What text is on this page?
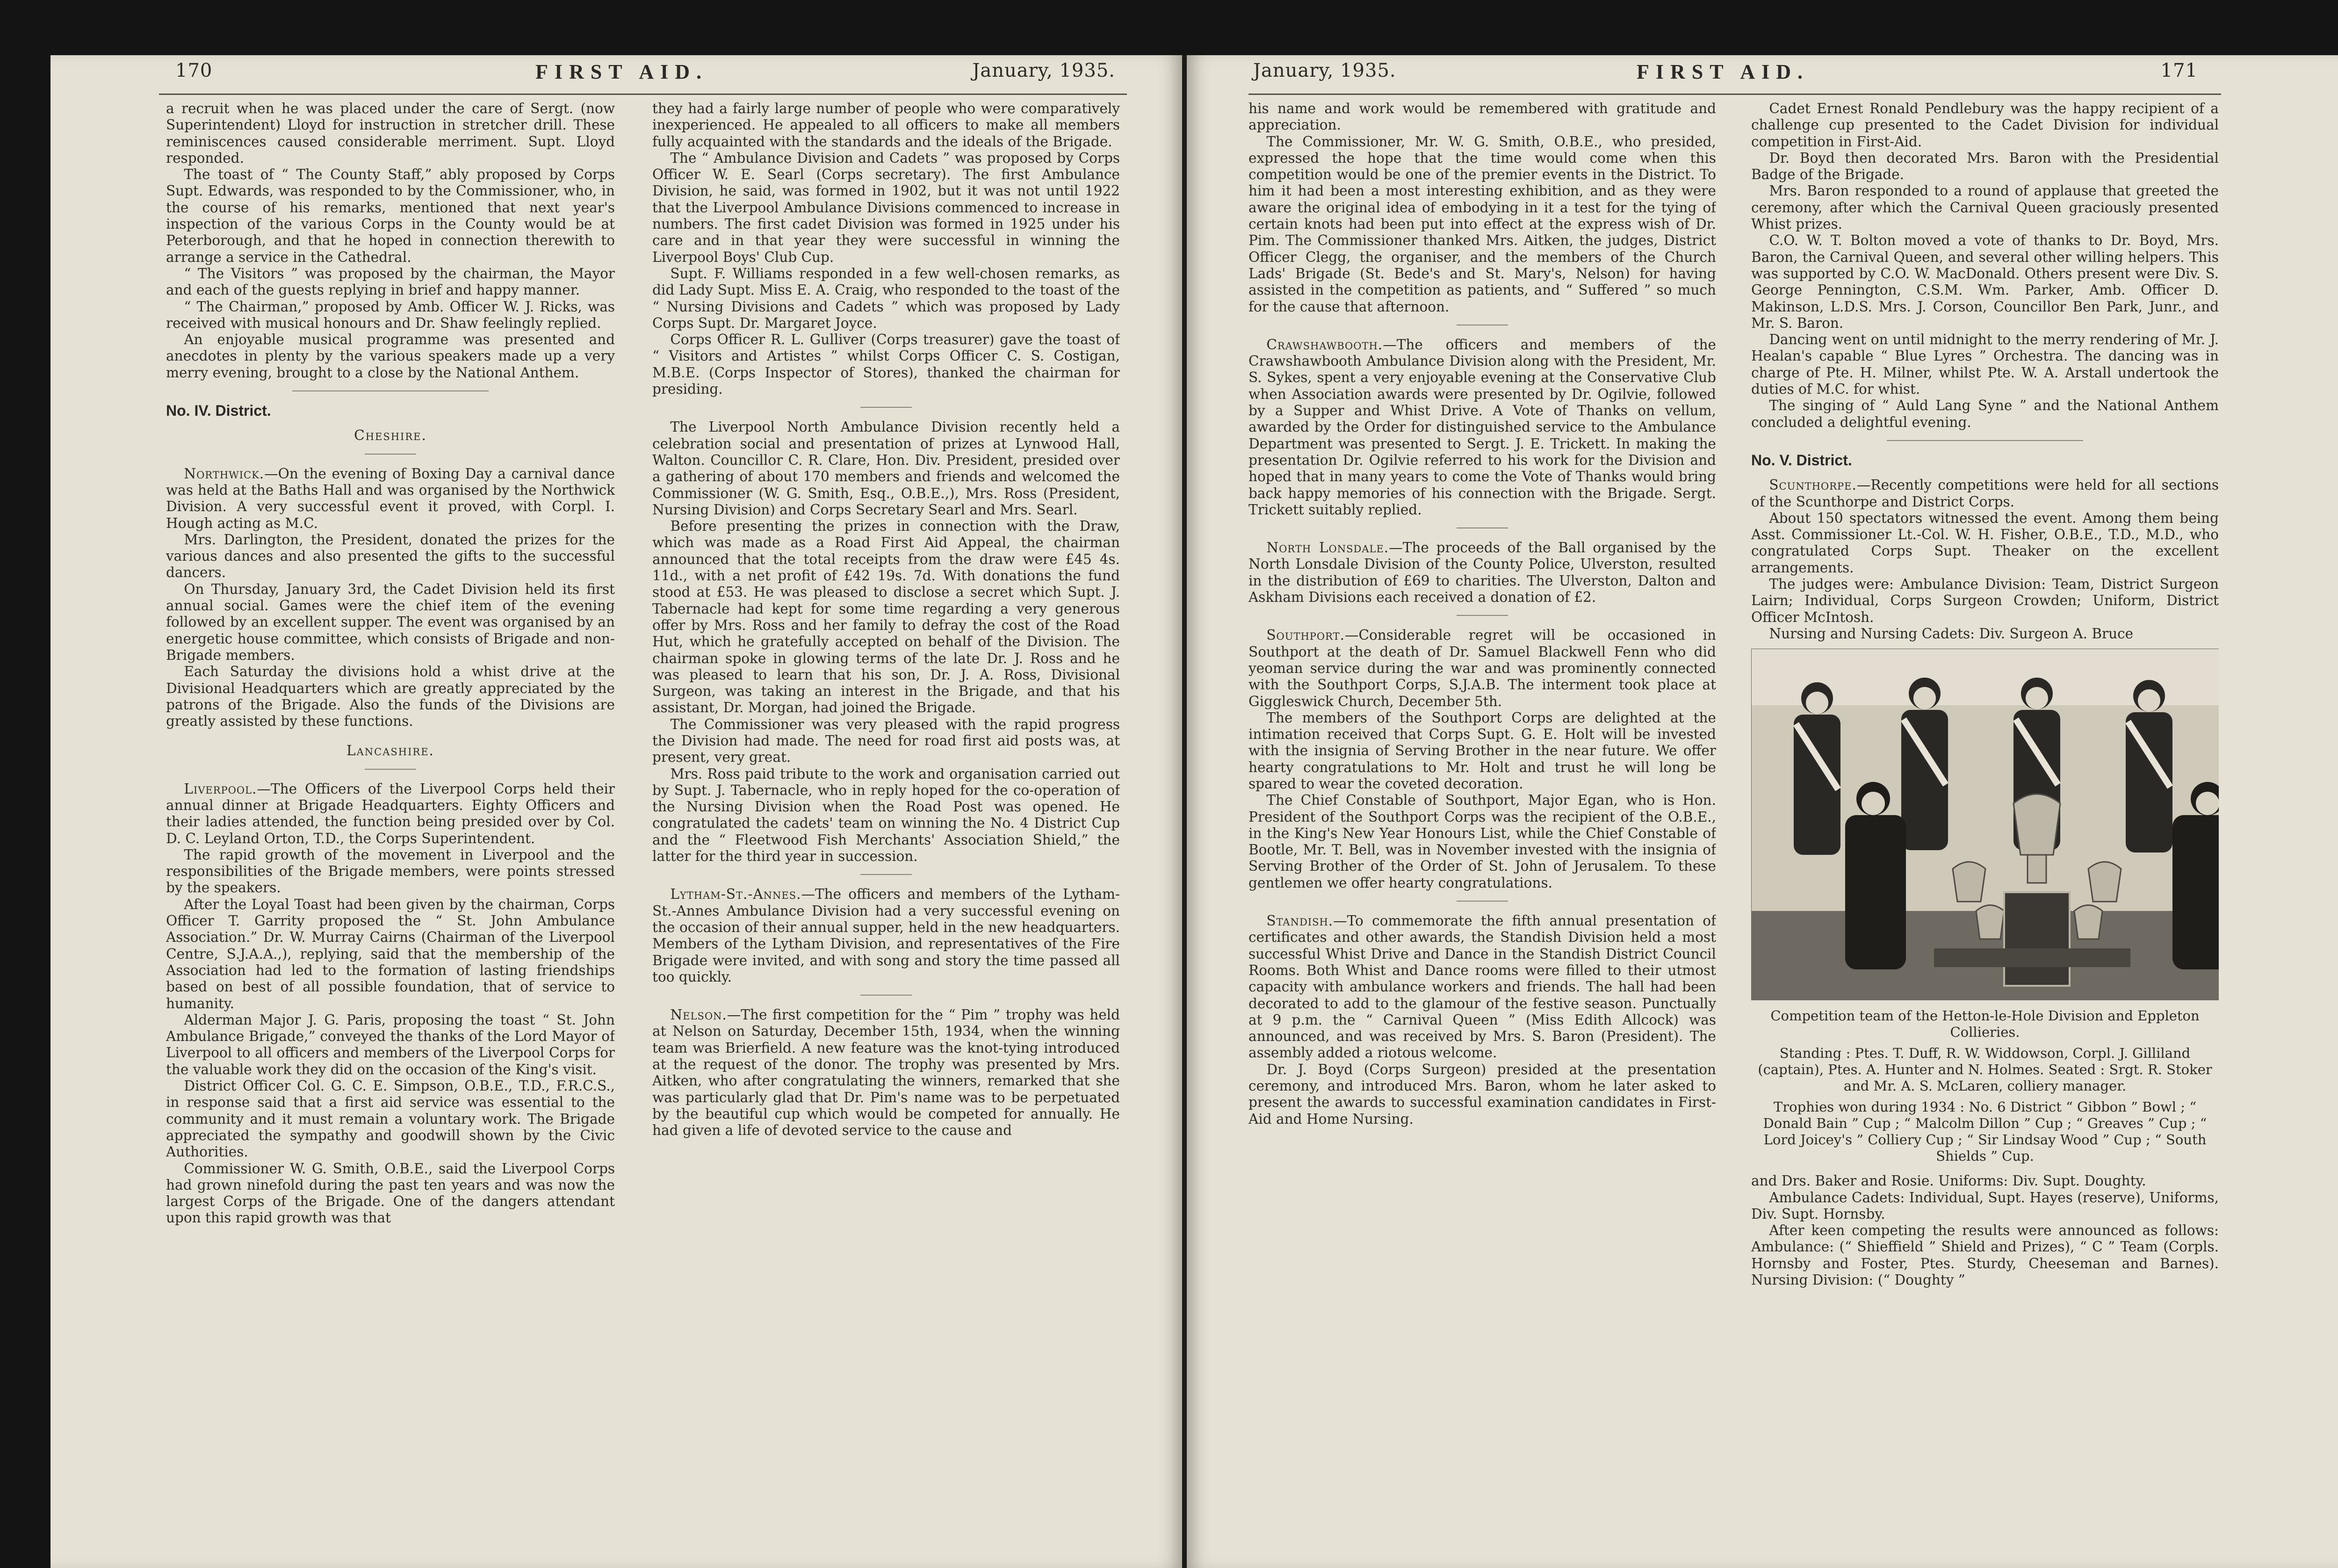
170	FIRST AID.	January, 1935.	January, 1935.	FIRST AID.	171

a recruit when he was placed under the care of Sergt. (now Superintendent) Lloyd for instruction in stretcher drill. These reminiscences caused considerable merriment. Supt. Lloyd responded.

The toast of “ The County Staff,” ably proposed by Corps Supt. Edwards, was responded to by the Commissioner, who, in the course of his remarks, mentioned that next year's inspection of the various Corps in the County would be at Peterborough, and that he hoped in connection therewith to arrange a service in the Cathedral.

“ The Visitors ” was proposed by the chairman, the Mayor and each of the guests replying in brief and happy manner.

“ The Chairman,” proposed by Amb. Officer W. J. Ricks, was received with musical honours and Dr. Shaw feelingly replied.

An enjoyable musical programme was presented and anecdotes in plenty by the various speakers made up a very merry evening, brought to a close by the National Anthem.

No. IV. District.

Cheshire.

Northwick.—On the evening of Boxing Day a carnival dance was held at the Baths Hall and was organised by the Northwick Division. A very successful event it proved, with Corpl. I. Hough acting as M.C.

Mrs. Darlington, the President, donated the prizes for the various dances and also presented the gifts to the successful dancers.

On Thursday, January 3rd, the Cadet Division held its first annual social. Games were the chief item of the evening followed by an excellent supper. The event was organised by an energetic house committee, which consists of Brigade and non-Brigade members.

Each Saturday the divisions hold a whist drive at the Divisional Headquarters which are greatly appreciated by the patrons of the Brigade. Also the funds of the Divisions are greatly assisted by these functions.

Lancashire.

Liverpool.—The Officers of the Liverpool Corps held their annual dinner at Brigade Headquarters. Eighty Officers and their ladies attended, the function being presided over by Col. D. C. Leyland Orton, T.D., the Corps Superintendent.

The rapid growth of the movement in Liverpool and the responsibilities of the Brigade members, were points stressed by the speakers.

After the Loyal Toast had been given by the chairman, Corps Officer T. Garrity proposed the “ St. John Ambulance Association.” Dr. W. Murray Cairns (Chairman of the Liverpool Centre, S.J.A.A.,), replying, said that the membership of the Association had led to the formation of lasting friendships based on best of all possible foundation, that of service to humanity.

Alderman Major J. G. Paris, proposing the toast “ St. John Ambulance Brigade,” conveyed the thanks of the Lord Mayor of Liverpool to all officers and members of the Liverpool Corps for the valuable work they did on the occasion of the King's visit.

District Officer Col. G. C. E. Simpson, O.B.E., T.D., F.R.C.S., in response said that a first aid service was essential to the community and it must remain a voluntary work. The Brigade appreciated the sympathy and goodwill shown by the Civic Authorities.

Commissioner W. G. Smith, O.B.E., said the Liverpool Corps had grown ninefold during the past ten years and was now the largest Corps of the Brigade. One of the dangers attendant upon this rapid growth was that

they had a fairly large number of people who were comparatively inexperienced. He appealed to all officers to make all members fully acquainted with the standards and the ideals of the Brigade.

The “ Ambulance Division and Cadets ” was proposed by Corps Officer W. E. Searl (Corps secretary). The first Ambulance Division, he said, was formed in 1902, but it was not until 1922 that the Liverpool Ambulance Divisions commenced to increase in numbers. The first cadet Division was formed in 1925 under his care and in that year they were successful in winning the Liverpool Boys' Club Cup.

Supt. F. Williams responded in a few well-chosen remarks, as did Lady Supt. Miss E. A. Craig, who responded to the toast of the “ Nursing Divisions and Cadets ” which was proposed by Lady Corps Supt. Dr. Margaret Joyce.

Corps Officer R. L. Gulliver (Corps treasurer) gave the toast of “ Visitors and Artistes ” whilst Corps Officer C. S. Costigan, M.B.E. (Corps Inspector of Stores), thanked the chairman for presiding.

The Liverpool North Ambulance Division recently held a celebration social and presentation of prizes at Lynwood Hall, Walton. Councillor C. R. Clare, Hon. Div. President, presided over a gathering of about 170 members and friends and welcomed the Commissioner (W. G. Smith, Esq., O.B.E.,), Mrs. Ross (President, Nursing Division) and Corps Secretary Searl and Mrs. Searl.

Before presenting the prizes in connection with the Draw, which was made as a Road First Aid Appeal, the chairman announced that the total receipts from the draw were £45 4s. 11d., with a net profit of £42 19s. 7d. With donations the fund stood at £53. He was pleased to disclose a secret which Supt. J. Tabernacle had kept for some time regarding a very generous offer by Mrs. Ross and her family to defray the cost of the Road Hut, which he gratefully accepted on behalf of the Division. The chairman spoke in glowing terms of the late Dr. J. Ross and he was pleased to learn that his son, Dr. J. A. Ross, Divisional Surgeon, was taking an interest in the Brigade, and that his assistant, Dr. Morgan, had joined the Brigade.

The Commissioner was very pleased with the rapid progress the Division had made. The need for road first aid posts was, at present, very great.

Mrs. Ross paid tribute to the work and organisation carried out by Supt. J. Tabernacle, who in reply hoped for the co-operation of the Nursing Division when the Road Post was opened. He congratulated the cadets' team on winning the No. 4 District Cup and the “ Fleetwood Fish Merchants' Association Shield,” the latter for the third year in succession.

Lytham-St.-Annes.—The officers and members of the Lytham-St.-Annes Ambulance Division had a very successful evening on the occasion of their annual supper, held in the new headquarters. Members of the Lytham Division, and representatives of the Fire Brigade were invited, and with song and story the time passed all too quickly.

Nelson.—The first competition for the “ Pim ” trophy was held at Nelson on Saturday, December 15th, 1934, when the winning team was Brierfield. A new feature was the knot-tying introduced at the request of the donor. The trophy was presented by Mrs. Aitken, who after congratulating the winners, remarked that she was particularly glad that Dr. Pim's name was to be perpetuated by the beautiful cup which would be competed for annually. He had given a life of devoted service to the cause and

his name and work would be remembered with gratitude and appreciation.

The Commissioner, Mr. W. G. Smith, O.B.E., who presided, expressed the hope that the time would come when this competition would be one of the premier events in the District. To him it had been a most interesting exhibition, and as they were aware the original idea of embodying in it a test for the tying of certain knots had been put into effect at the express wish of Dr. Pim. The Commissioner thanked Mrs. Aitken, the judges, District Officer Clegg, the organiser, and the members of the Church Lads' Brigade (St. Bede's and St. Mary's, Nelson) for having assisted in the competition as patients, and “ Suffered ” so much for the cause that afternoon.

Crawshawbooth.—The officers and members of the Crawshawbooth Ambulance Division along with the President, Mr. S. Sykes, spent a very enjoyable evening at the Conservative Club when Association awards were presented by Dr. Ogilvie, followed by a Supper and Whist Drive. A Vote of Thanks on vellum, awarded by the Order for distinguished service to the Ambulance Department was presented to Sergt. J. E. Trickett. In making the presentation Dr. Ogilvie referred to his work for the Division and hoped that in many years to come the Vote of Thanks would bring back happy memories of his connection with the Brigade. Sergt. Trickett suitably replied.

North Lonsdale.—The proceeds of the Ball organised by the North Lonsdale Division of the County Police, Ulverston, resulted in the distribution of £69 to charities. The Ulverston, Dalton and Askham Divisions each received a donation of £2.

Southport.—Considerable regret will be occasioned in Southport at the death of Dr. Samuel Blackwell Fenn who did yeoman service during the war and was prominently connected with the Southport Corps, S.J.A.B. The interment took place at Giggleswick Church, December 5th.

The members of the Southport Corps are delighted at the intimation received that Corps Supt. G. E. Holt will be invested with the insignia of Serving Brother in the near future. We offer hearty congratulations to Mr. Holt and trust he will long be spared to wear the coveted decoration.

The Chief Constable of Southport, Major Egan, who is Hon. President of the Southport Corps was the recipient of the O.B.E., in the King's New Year Honours List, while the Chief Constable of Bootle, Mr. T. Bell, was in November invested with the insignia of Serving Brother of the Order of St. John of Jerusalem. To these gentlemen we offer hearty congratulations.

Standish.—To commemorate the fifth annual presentation of certificates and other awards, the Standish Division held a most successful Whist Drive and Dance in the Standish District Council Rooms. Both Whist and Dance rooms were filled to their utmost capacity with ambulance workers and friends. The hall had been decorated to add to the glamour of the festive season. Punctually at 9 p.m. the “ Carnival Queen ” (Miss Edith Allcock) was announced, and was received by Mrs. S. Baron (President). The assembly added a riotous welcome.

Dr. J. Boyd (Corps Surgeon) presided at the presentation ceremony, and introduced Mrs. Baron, whom he later asked to present the awards to successful examination candidates in First-Aid and Home Nursing.

Cadet Ernest Ronald Pendlebury was the happy recipient of a challenge cup presented to the Cadet Division for individual competition in First-Aid.

Dr. Boyd then decorated Mrs. Baron with the Presidential Badge of the Brigade.

Mrs. Baron responded to a round of applause that greeted the ceremony, after which the Carnival Queen graciously presented Whist prizes.

C.O. W. T. Bolton moved a vote of thanks to Dr. Boyd, Mrs. Baron, the Carnival Queen, and several other willing helpers. This was supported by C.O. W. MacDonald. Others present were Div. S. George Pennington, C.S.M. Wm. Parker, Amb. Officer D. Makinson, L.D.S. Mrs. J. Corson, Councillor Ben Park, Junr., and Mr. S. Baron.

Dancing went on until midnight to the merry rendering of Mr. J. Healan's capable “ Blue Lyres ” Orchestra. The dancing was in charge of Pte. H. Milner, whilst Pte. W. A. Arstall undertook the duties of M.C. for whist.

The singing of “ Auld Lang Syne ” and the National Anthem concluded a delightful evening.

No. V. District.

Scunthorpe.—Recently competitions were held for all sections of the Scunthorpe and District Corps.

About 150 spectators witnessed the event. Among them being Asst. Commissioner Lt.-Col. W. H. Fisher, O.B.E., T.D., M.D., who congratulated Corps Supt. Theaker on the excellent arrangements.

The judges were: Ambulance Division: Team, District Surgeon Lairn; Individual, Corps Surgeon Crowden; Uniform, District Officer McIntosh.

Nursing and Nursing Cadets: Div. Surgeon A. Bruce

Competition team of the Hetton-le-Hole Division and Eppleton Collieries.

Standing : Ptes. T. Duff, R. W. Widdowson, Corpl. J. Gilliland (captain), Ptes. A. Hunter and N. Holmes. Seated : Srgt. R. Stoker and Mr. A. S. McLaren, colliery manager.

Trophies won during 1934 : No. 6 District “ Gibbon ” Bowl ; “ Donald Bain ” Cup ; “ Malcolm Dillon ” Cup ; “ Greaves ” Cup ; “ Lord Joicey's ” Colliery Cup ; “ Sir Lindsay Wood ” Cup ; “ South Shields ” Cup.

and Drs. Baker and Rosie. Uniforms: Div. Supt. Doughty.

Ambulance Cadets: Individual, Supt. Hayes (reserve), Uniforms, Div. Supt. Hornsby.

After keen competing the results were announced as follows: Ambulance: (“ Shieffield ” Shield and Prizes), “ C ” Team (Corpls. Hornsby and Foster, Ptes. Sturdy, Cheeseman and Barnes). Nursing Division: (“ Doughty ”
